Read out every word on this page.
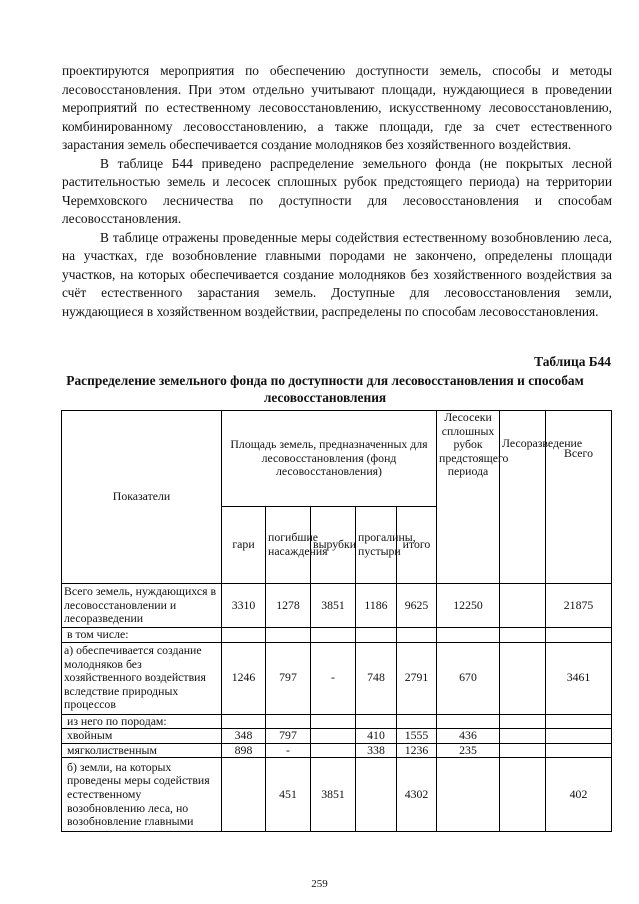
проектируются мероприятия по обеспечению доступности земель, способы и методы лесовосстановления. При этом отдельно учитывают площади, нуждающиеся в проведении мероприятий по естественному лесовосстановлению, искусственному лесовосстановлению, комбинированному лесовосстановлению, а также площади, где за счет естественного зарастания земель обеспечивается создание молодняков без хозяйственного воздействия.

В таблице Б44 приведено распределение земельного фонда (не покрытых лесной растительностью земель и лесосек сплошных рубок предстоящего периода) на территории Черемховского лесничества по доступности для лесовосстановления и способам лесовосстановления.

В таблице отражены проведенные меры содействия естественному возобновлению леса, на участках, где возобновление главными породами не закончено, определены площади участков, на которых обеспечивается создание молодняков без хозяйственного воздействия за счёт естественного зарастания земель. Доступные для лесовосстановления земли, нуждающиеся в хозяйственном воздействии, распределены по способам лесовосстановления.

Таблица Б44
Распределение земельного фонда по доступности для лесовосстановления и способам лесовосстановления
Показатели	Площадь земель, предназначенных для лесовосстановления (фонд лесовосстановления)					Лесосеки сплошных рубок предстоящего периода	Лесоразведение	Всего
	гари	погибшие насаждения	вырубки	прогалины, пустыри	итого			
Всего земель, нуждающихся в лесовосстановлении и лесоразведении	3310	1278	3851	1186	9625	12250		21875
в том числе:								
а) обеспечивается создание молодняков без хозяйственного воздействия вследствие природных процессов	1246	797	-	748	2791	670		3461
из него по породам:								
хвойным	348	797		410	1555	436		
мягколиственным	898	-		338	1236	235		
б) земли, на которых проведены меры содействия естественному возобновлению леса, но возобновление главными		451	3851		4302			402
259
